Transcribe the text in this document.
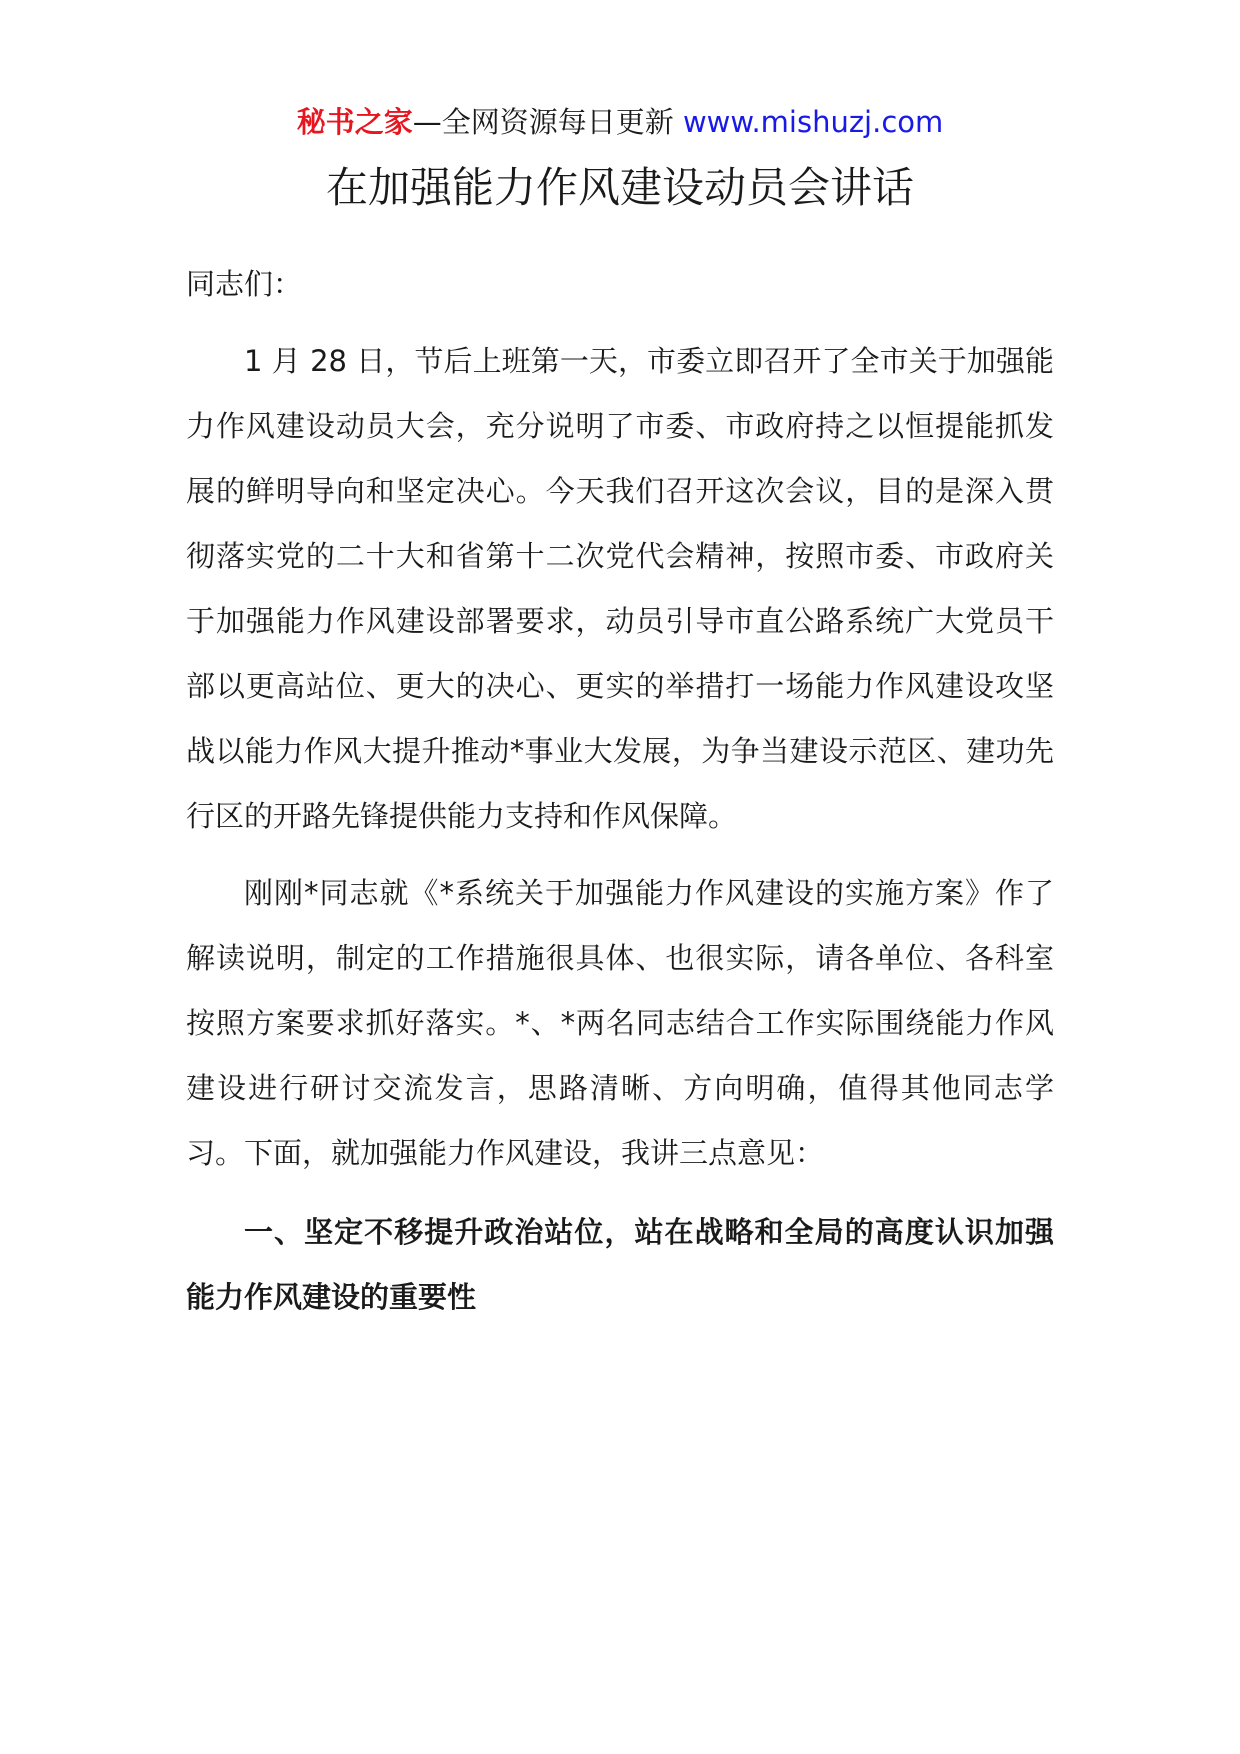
秘书之家—全网资源每日更新 www.mishuzj.com
在加强能力作风建设动员会讲话

同志们：

1 月 28 日，节后上班第一天，市委立即召开了全市关于加强能力作风建设动员大会，充分说明了市委、市政府持之以恒提能抓发展的鲜明导向和坚定决心。今天我们召开这次会议，目的是深入贯彻落实党的二十大和省第十二次党代会精神，按照市委、市政府关于加强能力作风建设部署要求，动员引导市直公路系统广大党员干部以更高站位、更大的决心、更实的举措打一场能力作风建设攻坚战以能力作风大提升推动*事业大发展，为争当建设示范区、建功先行区的开路先锋提供能力支持和作风保障。

刚刚*同志就《*系统关于加强能力作风建设的实施方案》作了解读说明，制定的工作措施很具体、也很实际，请各单位、各科室按照方案要求抓好落实。*、*两名同志结合工作实际围绕能力作风建设进行研讨交流发言，思路清晰、方向明确，值得其他同志学习。下面，就加强能力作风建设，我讲三点意见：

一、坚定不移提升政治站位，站在战略和全局的高度认识加强能力作风建设的重要性
